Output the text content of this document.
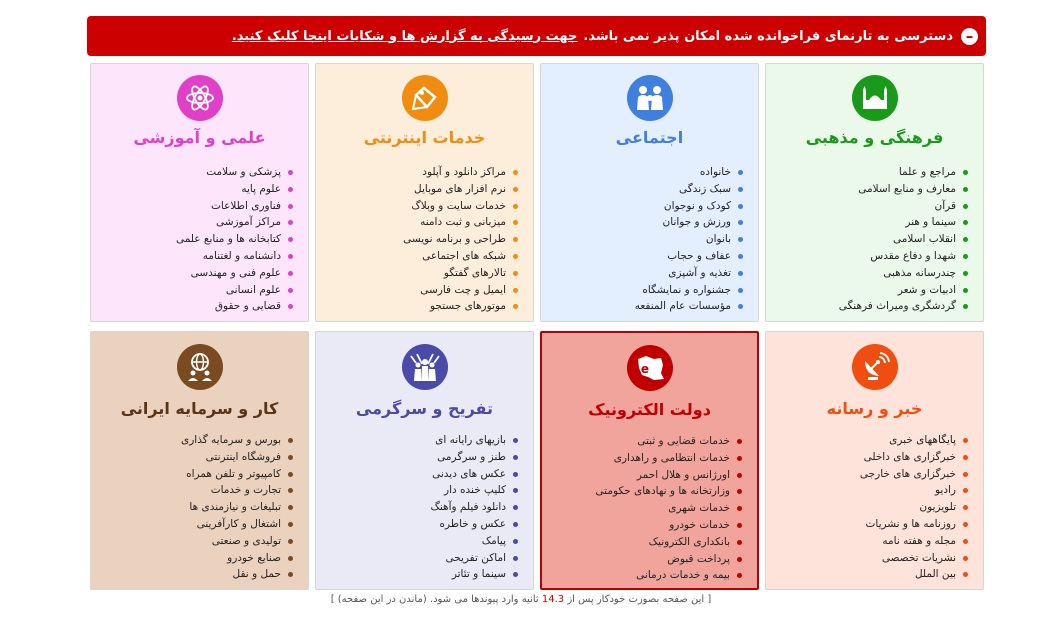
–
دسترسی به تارنمای فراخوانده شده امکان پذیر نمی باشد.
جهت رسیدگی به گزارش ها و شکایات اینجا کلیک کنید.
فرهنگی و مذهبی
مراجع و علما
معارف و منابع اسلامی
قرآن
سینما و هنر
انقلاب اسلامی
شهدا و دفاع مقدس
چندرسانه مذهبی
ادبیات و شعر
گردشگری ومیراث فرهنگی
اجتماعی
خانواده
سبک زندگی
کودک و نوجوان
ورزش و جوانان
بانوان
عفاف و حجاب
تغذیه و آشپزی
جشنواره و نمایشگاه
مؤسسات عام المنفعه
خدمات اینترنتی
مراکز دانلود و آپلود
نرم افزار های موبایل
خدمات سایت و وبلاگ
میزبانی و ثبت دامنه
طراحی و برنامه نویسی
شبکه های اجتماعی
تالارهای گفتگو
ایمیل و چت فارسی
موتورهای جستجو
علمی و آموزشی
پزشکی و سلامت
علوم پایه
فناوری اطلاعات
مراکز آموزشی
کتابخانه ها و منابع علمی
دانشنامه و لغتنامه
علوم فنی و مهندسی
علوم انسانی
قضایی و حقوق
خبر و رسانه
پایگاههای خبری
خبرگزاری های داخلی
خبرگزاری های خارجی
رادیو
تلویزیون
روزنامه ها و نشریات
مجله و هفته نامه
نشریات تخصصی
بین الملل
e
دولت الکترونیک
خدمات قضایی و ثبتی
خدمات انتظامی و راهداری
اورژانس و هلال احمر
وزارتخانه ها و نهادهای حکومتی
خدمات شهری
خدمات خودرو
بانکداری الکترونیک
پرداخت قبوض
بیمه و خدمات درمانی
تفریح و سرگرمی
بازیهای رایانه ای
طنز و سرگرمی
عکس های دیدنی
کلیپ خنده دار
دانلود فیلم وآهنگ
عکس و خاطره
پیامک
اماکن تفریحی
سینما و تئاتر
کار و سرمایه ایرانی
بورس و سرمایه گذاری
فروشگاه اینترنتی
کامپیوتر و تلفن همراه
تجارت و خدمات
تبلیغات و نیازمندی ها
اشتغال و کارآفرینی
تولیدی و صنعتی
صنایع خودرو
حمل و نقل
[ این صفحه بصورت خودکار پس از 14.3 ثانیه وارد پیوندها می شود. (ماندن در این صفحه) ]
